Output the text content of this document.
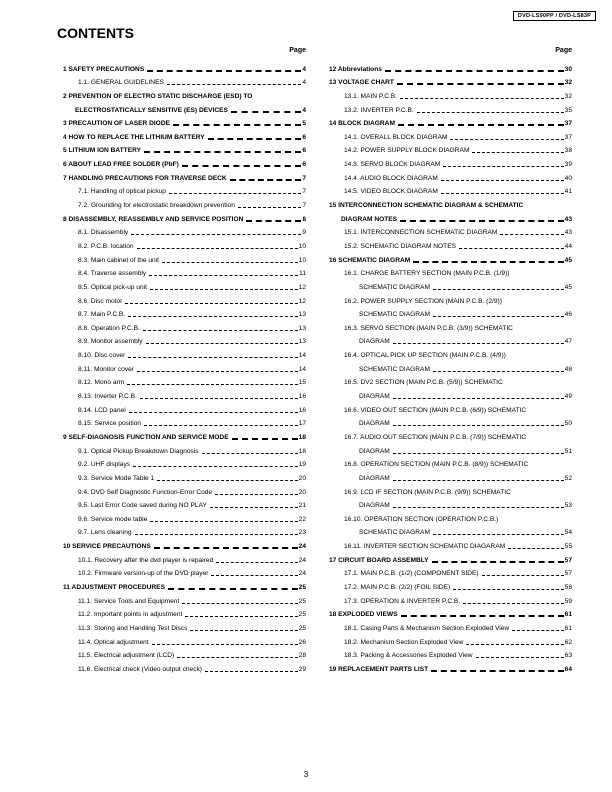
DVD-LS90PP / DVD-LS83P
CONTENTS
Page
1 SAFETY PRECAUTIONS	4
1.1. GENERAL GUIDELINES	4
2 PREVENTION OF ELECTRO STATIC DISCHARGE (ESD) TO
ELECTROSTATICALLY SENSITIVE (ES) DEVICES	4
3 PRECAUTION OF LASER DIODE	5
4 HOW TO REPLACE THE LITHIUM BATTERY	6
5 LITHIUM ION BATTERY	6
6 ABOUT LEAD FREE SOLDER (PbF)	6
7 HANDLING PRECAUTIONS FOR TRAVERSE DECK	7
7.1. Handling of optical pickup	7
7.2. Grounding for electrostatic breakdown prevention	7
8 DISASSEMBLY, REASSEMBLY AND SERVICE POSITION	8
8.1. Disassembly	9
8.2. P.C.B. location	10
8.3. Main cabinet of the unit	10
8.4. Traverse assembly	11
8.5. Optical pick-up unit	12
8.6. Disc motor	12
8.7. Main P.C.B.	13
8.8. Operation P.C.B.	13
8.9. Monitor assembly	13
8.10. Disc cover	14
8.11. Monitor cover	14
8.12. Mono arm	15
8.13. Inverter P.C.B.	16
8.14. LCD panel	16
8.15. Service position	17
9 SELF-DIAGNOSIS FUNCTION AND SERVICE MODE	18
9.1. Optical Pickup Breakdown Diagnosis	18
9.2. UHF displays	19
9.3. Service Mode Table 1	20
9.4. DVD Self Diagnostic Function-Error Code	20
9.5. Last Error Code saved during NO PLAY	21
9.6. Service mode table	22
9.7. Lens cleaning	23
10 SERVICE PRECAUTIONS	24
10.1. Recovery after the dvd player is repaired	24
10.2. Firmware version-up of the DVD player	24
11 ADJUSTMENT PROCEDURES	25
11.1. Service Tools and Equipment	25
11.2. Important points in adjustment	25
11.3. Storing and Handling Test Discs	25
11.4. Optical adjustment	26
11.5. Electrical adjustment (LCD)	28
11.6. Electrical check (Video output check)	29
Page
12 Abbreviations	30
13 VOLTAGE CHART	32
13.1. MAIN P.C.B.	32
13.2. INVERTER P.C.B.	35
14 BLOCK DIAGRAM	37
14.1. OVERALL BLOCK DIAGRAM	37
14.2. POWER SUPPLY BLOCK DIAGRAM	38
14.3. SERVO BLOCK DIAGRAM	39
14.4. AUDIO BLOCK DIAGRAM	40
14.5. VIDEO BLOCK DIAGRAM	41
15 INTERCONNECTION SCHEMATIC DIAGRAM & SCHEMATIC
DIAGRAM NOTES	43
15.1. INTERCONNECTION SCHEMATIC DIAGRAM	43
15.2. SCHEMATIC DIAGRAM NOTES	44
16 SCHEMATIC DIAGRAM	45
16.1. CHARGE BATTERY SECTION (MAIN P.C.B. (1/9))
SCHEMATIC DIAGRAM	45
16.2. POWER SUPPLY SECTION (MAIN P.C.B. (2/9))
SCHEMATIC DIAGRAM	46
16.3. SERVO SECTION (MAIN P.C.B. (3/9)) SCHEMATIC
DIAGRAM	47
16.4. OPTICAL PICK UP SECTION (MAIN P.C.B. (4/9))
SCHEMATIC DIAGRAM	48
16.5. DV2 SECTION (MAIN P.C.B. (5/9)) SCHEMATIC
DIAGRAM	49
16.6. VIDEO OUT SECTION (MAIN P.C.B. (6/9)) SCHEMATIC
DIAGRAM	50
16.7. AUDIO OUT SECTION (MAIN P.C.B. (7/9)) SCHEMATIC
DIAGRAM	51
16.8. OPERATION SECTION (MAIN P.C.B. (8/9)) SCHEMATIC
DIAGRAM	52
16.9. LCD IF SECTION (MAIN P.C.B. (9/9)) SCHEMATIC
DIAGRAM	53
16.10. OPERATION SECTION (OPERATION P.C.B.)
SCHEMATIC DIAGRAM	54
16.11. INVERTER SECTION SCHEMATIC DIAGARAM	55
17 CIRCUIT BOARD ASSEMBLY	57
17.1. MAIN P.C.B. (1/2) (COMPONENT SIDE)	57
17.2. MAIN P.C.B. (2/2) (FOIL SIDE)	58
17.3. OPERATION & INVERTER P.C.B.	59
18 EXPLODED VIEWS	61
18.1. Casing Parts & Mechanism Section Exploded View	61
18.2. Mechanism Section Exploded View	62
18.3. Packing & Accessories Exploded View	63
19 REPLACEMENT PARTS LIST	64
3
